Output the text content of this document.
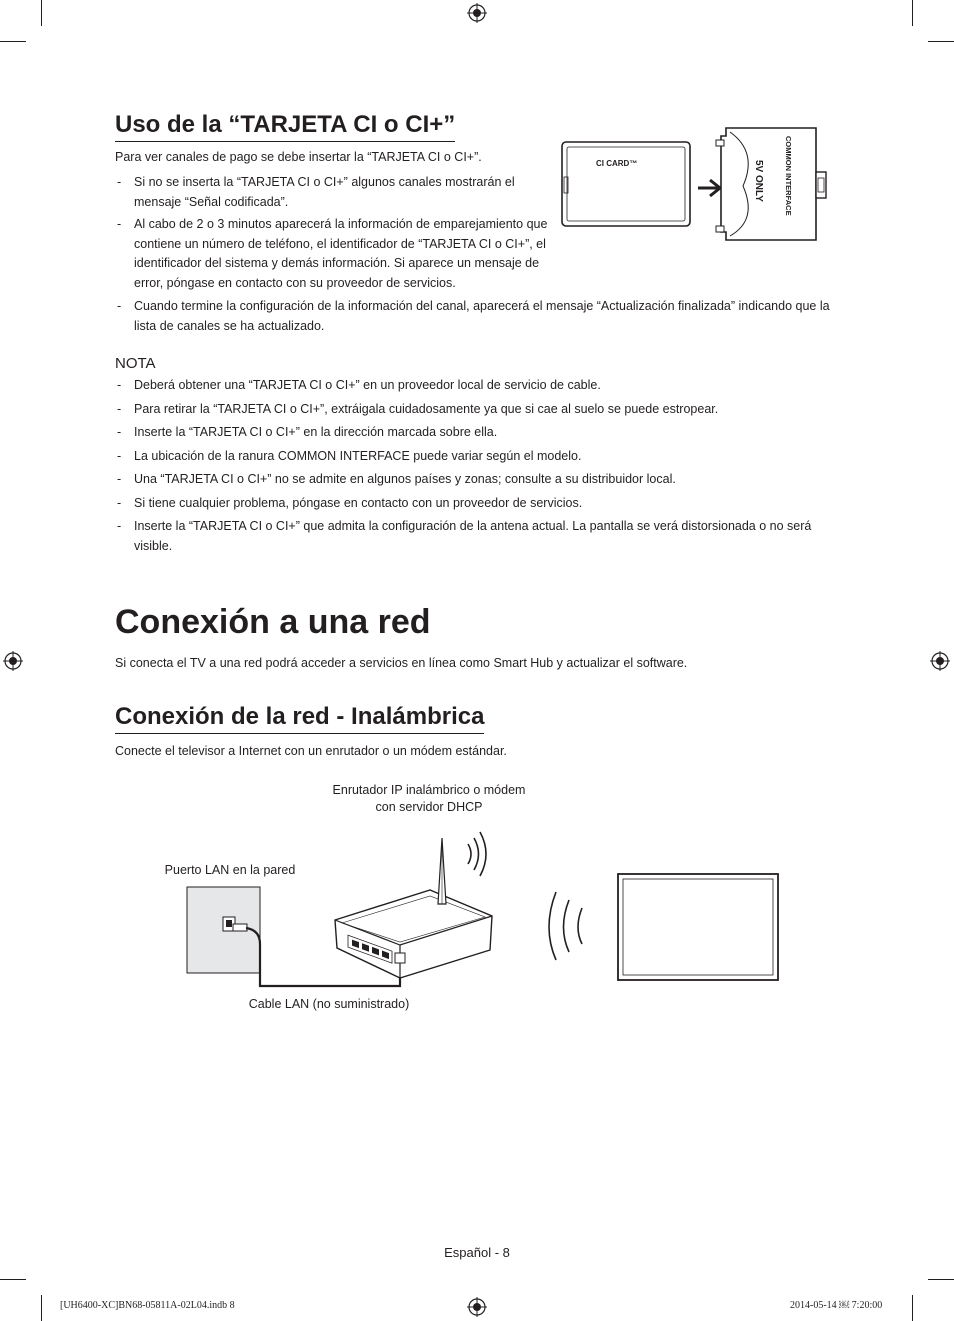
Uso de la “TARJETA CI o CI+”

Para ver canales de pago se debe insertar la “TARJETA CI o CI+”.

- Si no se inserta la “TARJETA CI o CI+” algunos canales mostrarán el mensaje “Señal codificada”.
- Al cabo de 2 o 3 minutos aparecerá la información de emparejamiento que contiene un número de teléfono, el identificador de “TARJETA CI o CI+”, el identificador del sistema y demás información. Si aparece un mensaje de error, póngase en contacto con su proveedor de servicios.
- Cuando termine la configuración de la información del canal, aparecerá el mensaje “Actualización finalizada” indicando que la lista de canales se ha actualizado.
CI CARD™	COMMON INTERFACE
5V ONLY
NOTA
- Deberá obtener una “TARJETA CI o CI+” en un proveedor local de servicio de cable.
- Para retirar la “TARJETA CI o CI+”, extráigala cuidadosamente ya que si cae al suelo se puede estropear.
- Inserte la “TARJETA CI o CI+” en la dirección marcada sobre ella.
- La ubicación de la ranura COMMON INTERFACE puede variar según el modelo.
- Una “TARJETA CI o CI+” no se admite en algunos países y zonas; consulte a su distribuidor local.
- Si tiene cualquier problema, póngase en contacto con un proveedor de servicios.
- Inserte la “TARJETA CI o CI+” que admita la configuración de la antena actual. La pantalla se verá distorsionada o no será visible.
Conexión a una red

Si conecta el TV a una red podrá acceder a servicios en línea como Smart Hub y actualizar el software.

Conexión de la red - Inalámbrica

Conecte el televisor a Internet con un enrutador o un módem estándar.

Enrutador IP inalámbrico o módem
con servidor DHCP
Puerto LAN en la pared
Cable LAN (no suministrado)
Español - 8
[UH6400-XC]BN68-05811A-02L04.indb 8	2014-05-14 ￼ 7:20:00
